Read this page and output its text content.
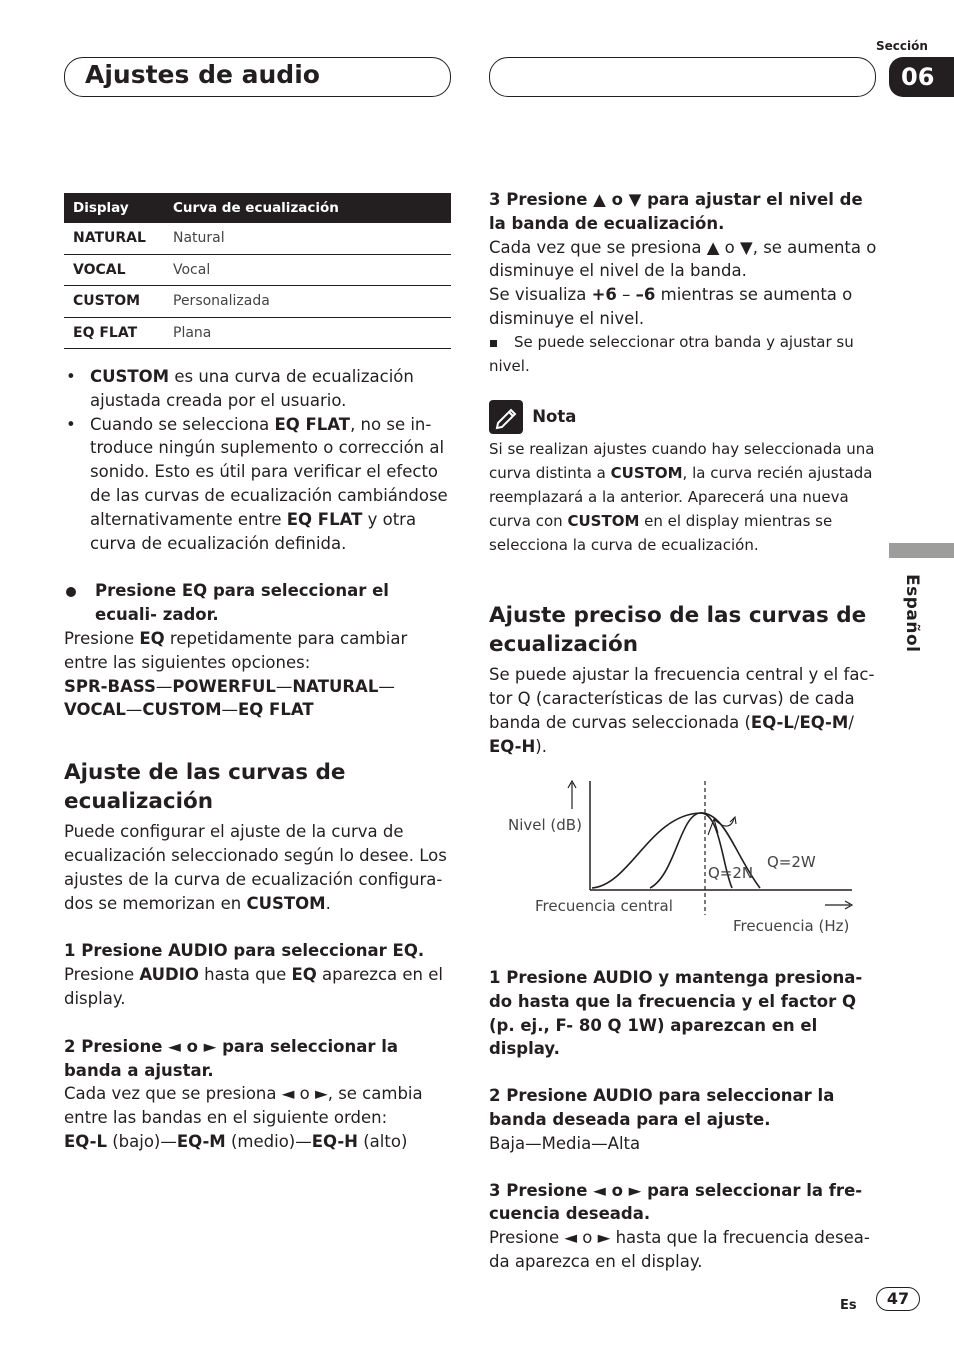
Ajustes de audio
Sección
06
Español
Display	Curva de ecualización
NATURAL	Natural
VOCAL	Vocal
CUSTOM	Personalizada
EQ FLAT	Plana
• CUSTOM es una curva de ecualización ajustada creada por el usuario.
• Cuando se selecciona EQ FLAT, no se in- troduce ningún suplemento o corrección al sonido. Esto es útil para verificar el efecto de las curvas de ecualización cambiándose alternativamente entre EQ FLAT y otra curva de ecualización definida.

Presione EQ para seleccionar el ecuali- zador.

Presione EQ repetidamente para cambiar entre las siguientes opciones:

SPR-BASS—POWERFUL—NATURAL—VOCAL—CUSTOM—EQ FLAT

Ajuste de las curvas de ecualización

Puede configurar el ajuste de la curva de ecualización seleccionado según lo desee. Los ajustes de la curva de ecualización configura- dos se memorizan en CUSTOM.

1 Presione AUDIO para seleccionar EQ.

Presione AUDIO hasta que EQ aparezca en el display.

2 Presione ◄ o ► para seleccionar la banda a ajustar.

Cada vez que se presiona ◄ o ►, se cambia entre las bandas en el siguiente orden:

EQ-L (bajo)—EQ-M (medio)—EQ-H (alto)

3 Presione ▲ o ▼ para ajustar el nivel de la banda de ecualización.

Cada vez que se presiona ▲ o ▼, se aumenta o disminuye el nivel de la banda.

Se visualiza +6 – –6 mientras se aumenta o disminuye el nivel.

Se puede seleccionar otra banda y ajustar su nivel.

Nota

Si se realizan ajustes cuando hay seleccionada una curva distinta a CUSTOM, la curva recién ajustada reemplazará a la anterior. Aparecerá una nueva curva con CUSTOM en el display mientras se selecciona la curva de ecualización.

Ajuste preciso de las curvas de ecualización

Se puede ajustar la frecuencia central y el fac- tor Q (características de las curvas) de cada banda de curvas seleccionada (EQ-L/EQ-M/ EQ-H).

Nivel (dB)
Q=2N
Q=2W
Frecuencia central
Frecuencia (Hz)

1 Presione AUDIO y mantenga presiona- do hasta que la frecuencia y el factor Q (p. ej., F- 80 Q 1W) aparezcan en el display.

2 Presione AUDIO para seleccionar la banda deseada para el ajuste.

Baja—Media—Alta

3 Presione ◄ o ► para seleccionar la fre- cuencia deseada.

Presione ◄ o ► hasta que la frecuencia desea- da aparezca en el display.

Es	47
